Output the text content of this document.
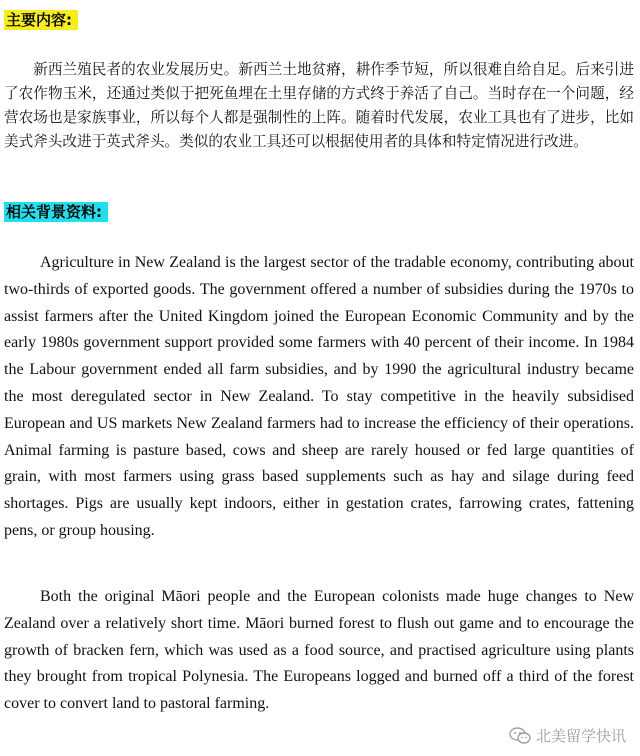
主要内容:

新西兰殖民者的农业发展历史。新西兰土地贫瘠，耕作季节短，所以很难自给自足。后来引进了农作物玉米，还通过类似于把死鱼埋在土里存储的方式终于养活了自己。当时存在一个问题，经营农场也是家族事业，所以每个人都是强制性的上阵。随着时代发展，农业工具也有了进步，比如美式斧头改进于英式斧头。类似的农业工具还可以根据使用者的具体和特定情况进行改进。

相关背景资料:

Agriculture in New Zealand is the largest sector of the tradable economy, contributing about two-thirds of exported goods. The government offered a number of subsidies during the 1970s to assist farmers after the United Kingdom joined the European Economic Community and by the early 1980s government support provided some farmers with 40 percent of their income. In 1984 the Labour government ended all farm subsidies, and by 1990 the agricultural industry became the most deregulated sector in New Zealand. To stay competitive in the heavily subsidised European and US markets New Zealand farmers had to increase the efficiency of their operations. Animal farming is pasture based, cows and sheep are rarely housed or fed large quantities of grain, with most farmers using grass based supplements such as hay and silage during feed shortages. Pigs are usually kept indoors, either in gestation crates, farrowing crates, fattening pens, or group housing.

Both the original Māori people and the European colonists made huge changes to New Zealand over a relatively short time. Māori burned forest to flush out game and to encourage the growth of bracken fern, which was used as a food source, and practised agriculture using plants they brought from tropical Polynesia. The Europeans logged and burned off a third of the forest cover to convert land to pastoral farming.

北美留学快讯
